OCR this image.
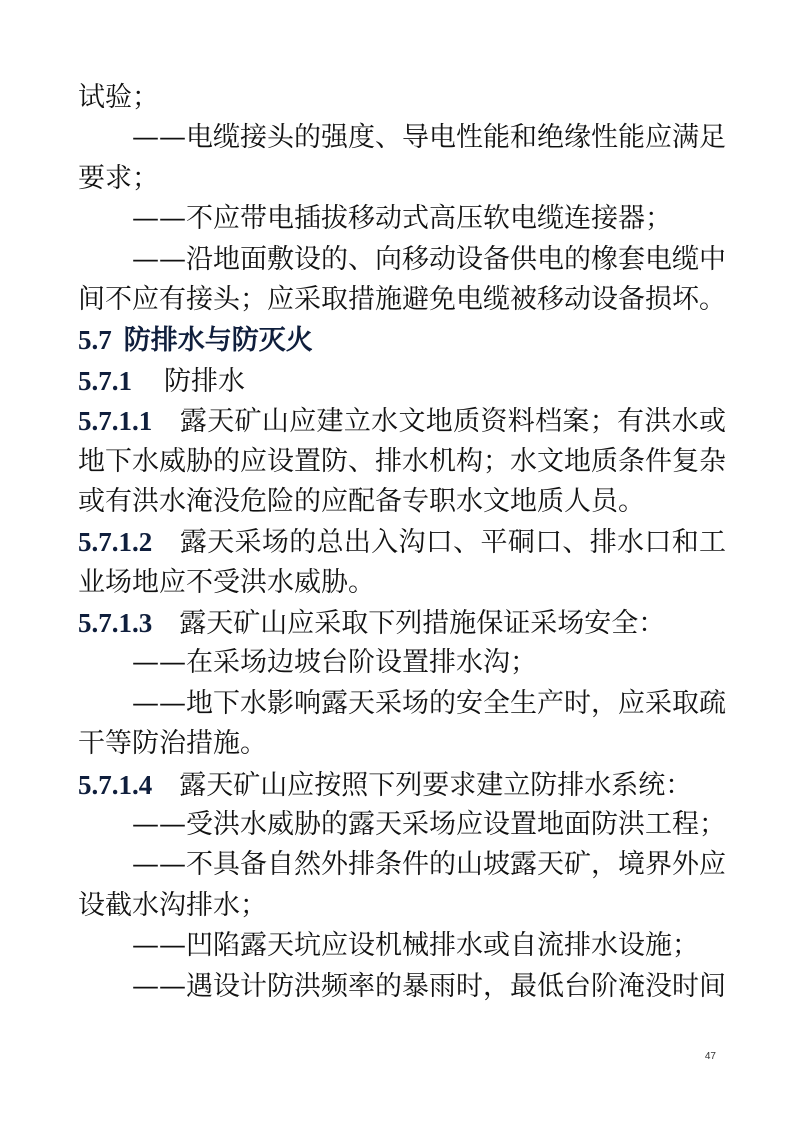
试验；
——电缆接头的强度、导电性能和绝缘性能应满足
要求；
——不应带电插拔移动式高压软电缆连接器；
——沿地面敷设的、向移动设备供电的橡套电缆中
间不应有接头；应采取措施避免电缆被移动设备损坏。
5.7 防排水与防灭火
5.7.1 防排水
5.7.1.1　 露天矿山应建立水文地质资料档案；有洪水或
地下水威胁的应设置防、排水机构；水文地质条件复杂
或有洪水淹没危险的应配备专职水文地质人员。
5.7.1.2　 露天采场的总出入沟口、平硐口、排水口和工
业场地应不受洪水威胁。
5.7.1.3　 露天矿山应采取下列措施保证采场安全：
——在采场边坡台阶设置排水沟；
——地下水影响露天采场的安全生产时，应采取疏
干等防治措施。
5.7.1.4　 露天矿山应按照下列要求建立防排水系统：
——受洪水威胁的露天采场应设置地面防洪工程；
——不具备自然外排条件的山坡露天矿，境界外应
设截水沟排水；
——凹陷露天坑应设机械排水或自流排水设施；
——遇设计防洪频率的暴雨时，最低台阶淹没时间
47
